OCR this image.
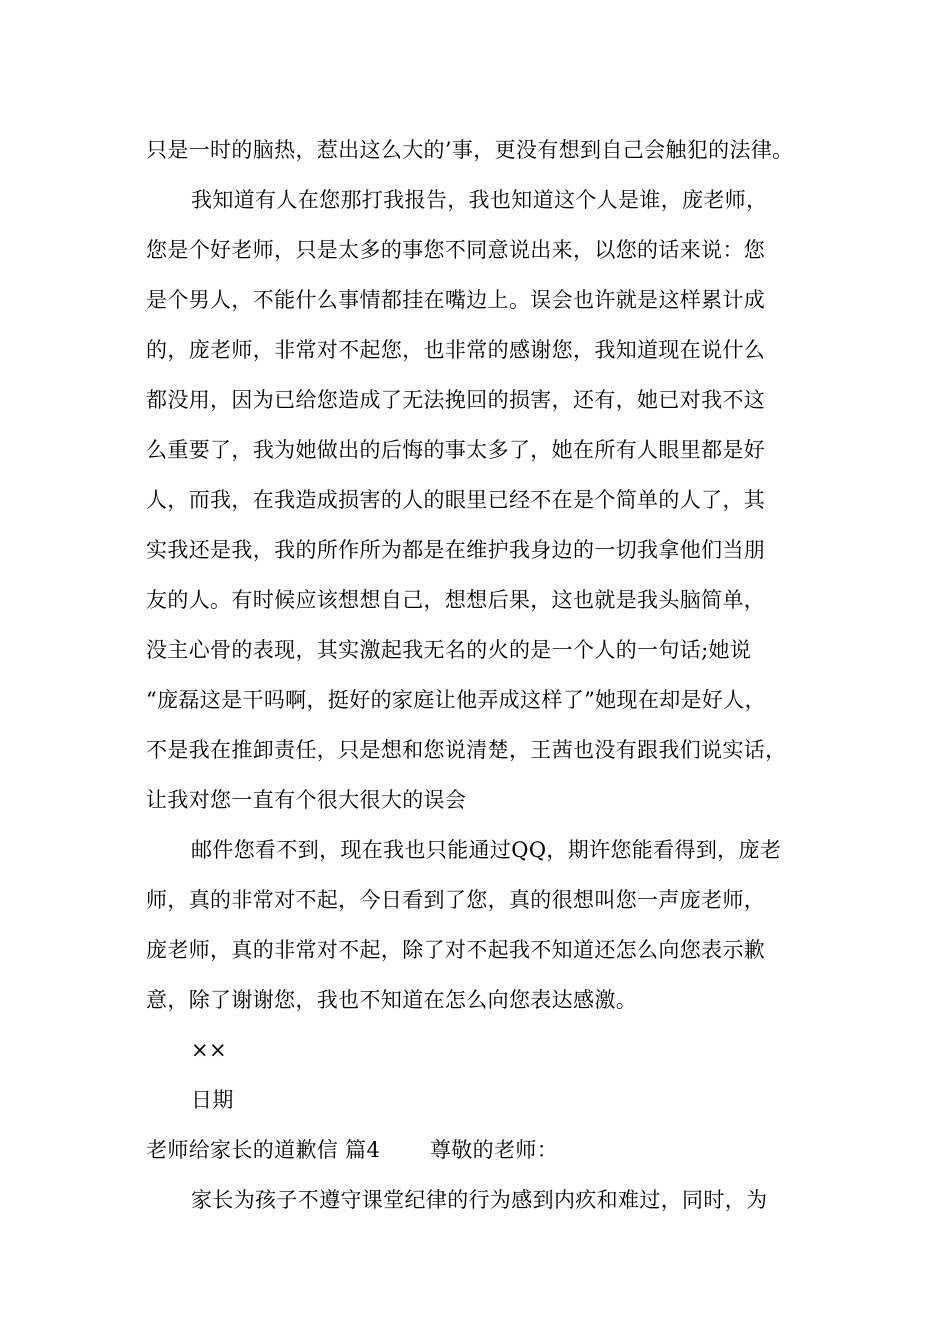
只是一时的脑热，惹出这么大的’事，更没有想到自己会触犯的法律。
我知道有人在您那打我报告，我也知道这个人是谁，庞老师，
您是个好老师，只是太多的事您不同意说出来，以您的话来说：您
是个男人，不能什么事情都挂在嘴边上。误会也许就是这样累计成
的，庞老师，非常对不起您，也非常的感谢您，我知道现在说什么
都没用，因为已给您造成了无法挽回的损害，还有，她已对我不这
么重要了，我为她做出的后悔的事太多了，她在所有人眼里都是好
人，而我，在我造成损害的人的眼里已经不在是个简单的人了，其
实我还是我，我的所作所为都是在维护我身边的一切我拿他们当朋
友的人。有时候应该想想自己，想想后果，这也就是我头脑简单，
没主心骨的表现，其实激起我无名的火的是一个人的一句话;她说
“庞磊这是干吗啊，挺好的家庭让他弄成这样了”她现在却是好人，
不是我在推卸责任，只是想和您说清楚，王茜也没有跟我们说实话，
让我对您一直有个很大很大的误会
邮件您看不到，现在我也只能通过QQ，期许您能看得到，庞老
师，真的非常对不起，今日看到了您，真的很想叫您一声庞老师，
庞老师，真的非常对不起，除了对不起我不知道还怎么向您表示歉
意，除了谢谢您，我也不知道在怎么向您表达感激。
××
日期
老师给家长的道歉信 篇4　　 尊敬的老师：
家长为孩子不遵守课堂纪律的行为感到内疚和难过，同时，为
